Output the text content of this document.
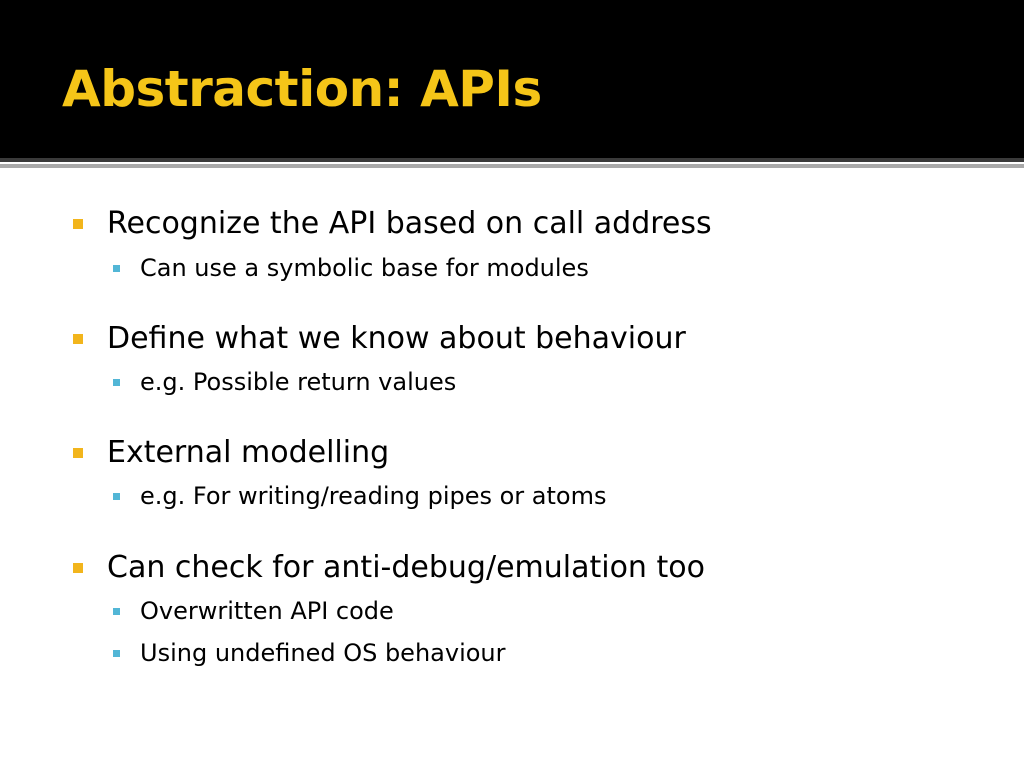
Abstraction: APIs
Recognize the API based on call address
Can use a symbolic base for modules
Define what we know about behaviour
e.g. Possible return values
External modelling
e.g. For writing/reading pipes or atoms
Can check for anti-debug/emulation too
Overwritten API code
Using undefined OS behaviour
